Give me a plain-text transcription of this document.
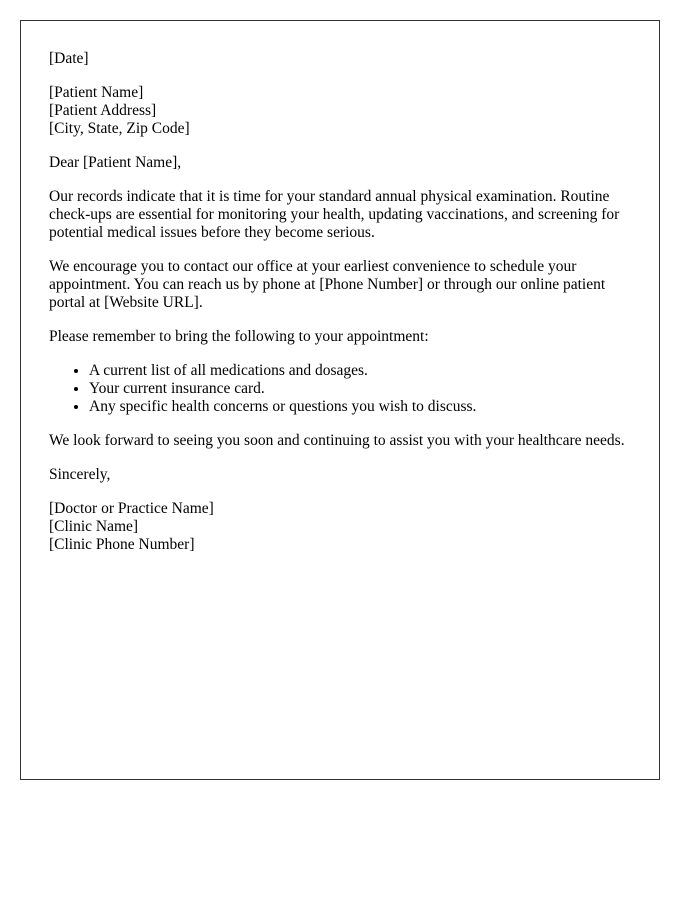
[Date]
[Patient Name]
[Patient Address]
[City, State, Zip Code]

Dear [Patient Name],

Our records indicate that it is time for your standard annual physical examination. Routine check-ups are essential for monitoring your health, updating vaccinations, and screening for potential medical issues before they become serious.

We encourage you to contact our office at your earliest convenience to schedule your appointment. You can reach us by phone at [Phone Number] or through our online patient portal at [Website URL].

Please remember to bring the following to your appointment:

• A current list of all medications and dosages.
• Your current insurance card.
• Any specific health concerns or questions you wish to discuss.

We look forward to seeing you soon and continuing to assist you with your healthcare needs.

Sincerely,

[Doctor or Practice Name]
[Clinic Name]
[Clinic Phone Number]
